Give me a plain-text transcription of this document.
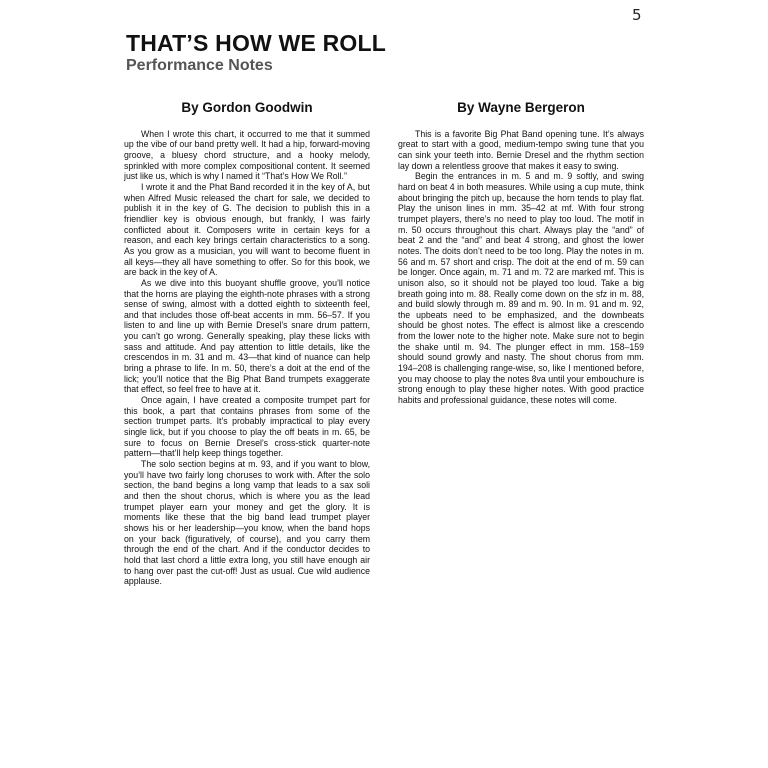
5
THAT’S HOW WE ROLL
Performance Notes
By Gordon Goodwin

When I wrote this chart, it occurred to me that it summed up the vibe of our band pretty well. It had a hip, forward-moving groove, a bluesy chord structure, and a hooky melody, sprinkled with more complex compositional content. It seemed just like us, which is why I named it “That’s How We Roll.”

I wrote it and the Phat Band recorded it in the key of A, but when Alfred Music released the chart for sale, we decided to publish it in the key of G. The decision to publish this in a friendlier key is obvious enough, but frankly, I was fairly conflicted about it. Composers write in certain keys for a reason, and each key brings certain characteristics to a song. As you grow as a musician, you will want to become fluent in all keys—they all have something to offer. So for this book, we are back in the key of A.

As we dive into this buoyant shuffle groove, you’ll notice that the horns are playing the eighth-note phrases with a strong sense of swing, almost with a dotted eighth to sixteenth feel, and that includes those off-beat accents in mm. 56–57. If you listen to and line up with Bernie Dresel’s snare drum pattern, you can’t go wrong. Generally speaking, play these licks with sass and attitude. And pay attention to little details, like the crescendos in m. 31 and m. 43—that kind of nuance can help bring a phrase to life. In m. 50, there’s a doit at the end of the lick; you’ll notice that the Big Phat Band trumpets exaggerate that effect, so feel free to have at it.

Once again, I have created a composite trumpet part for this book, a part that contains phrases from some of the section trumpet parts. It’s probably impractical to play every single lick, but if you choose to play the off beats in m. 65, be sure to focus on Bernie Dresel’s cross-stick quarter-note pattern—that’ll help keep things together.

The solo section begins at m. 93, and if you want to blow, you’ll have two fairly long choruses to work with. After the solo section, the band begins a long vamp that leads to a sax soli and then the shout chorus, which is where you as the lead trumpet player earn your money and get the glory. It is moments like these that the big band lead trumpet player shows his or her leadership—you know, when the band hops on your back (figuratively, of course), and you carry them through the end of the chart. And if the conductor decides to hold that last chord a little extra long, you still have enough air to hang over past the cut-off! Just as usual. Cue wild audience applause.

By Wayne Bergeron

This is a favorite Big Phat Band opening tune. It’s always great to start with a good, medium-tempo swing tune that you can sink your teeth into. Bernie Dresel and the rhythm section lay down a relentless groove that makes it easy to swing.

Begin the entrances in m. 5 and m. 9 softly, and swing hard on beat 4 in both measures. While using a cup mute, think about bringing the pitch up, because the horn tends to play flat. Play the unison lines in mm. 35–42 at mf. With four strong trumpet players, there’s no need to play too loud. The motif in m. 50 occurs throughout this chart. Always play the “and” of beat 2 and the “and” and beat 4 strong, and ghost the lower notes. The doits don’t need to be too long. Play the notes in m. 56 and m. 57 short and crisp. The doit at the end of m. 59 can be longer. Once again, m. 71 and m. 72 are marked mf. This is unison also, so it should not be played too loud. Take a big breath going into m. 88. Really come down on the sfz in m. 88, and build slowly through m. 89 and m. 90. In m. 91 and m. 92, the upbeats need to be emphasized, and the downbeats should be ghost notes. The effect is almost like a crescendo from the lower note to the higher note. Make sure not to begin the shake until m. 94. The plunger effect in mm. 158–159 should sound growly and nasty. The shout chorus from mm. 194–208 is challenging range-wise, so, like I mentioned before, you may choose to play the notes 8va until your embouchure is strong enough to play these higher notes. With good practice habits and professional guidance, these notes will come.
